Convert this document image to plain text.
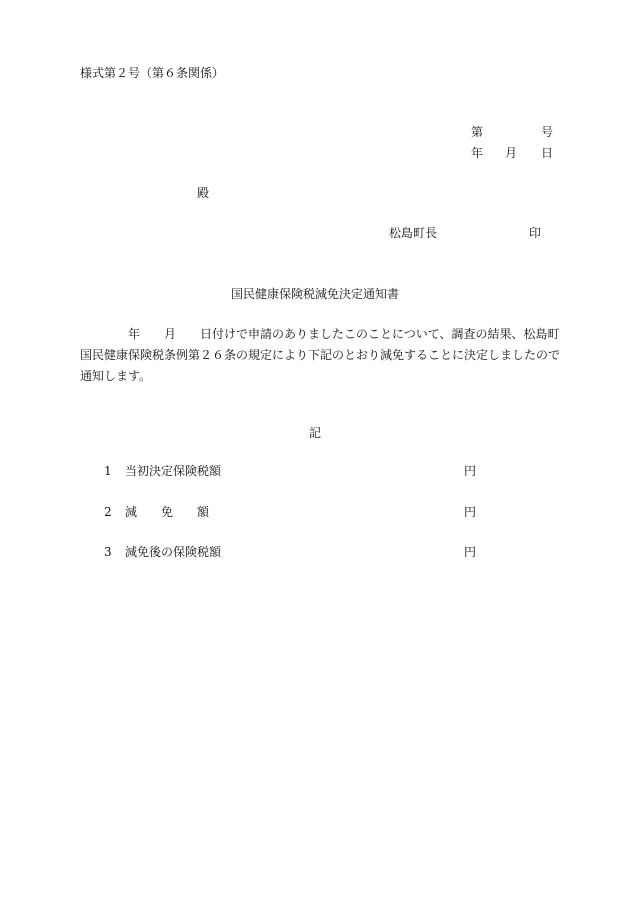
様式第２号（第６条関係）
第	号
年 月 日
殿
松島町長	印
国民健康保険税減免決定通知書
　　　　年　　月　　日付けで申請のありましたこのことについて、調査の結果、松島町
国民健康保険税条例第２６条の規定により下記のとおり減免することに決定しましたので
通知します。
記
1 当初決定保険税額	円
2 減　　免　　額	円
3 減免後の保険税額	円
